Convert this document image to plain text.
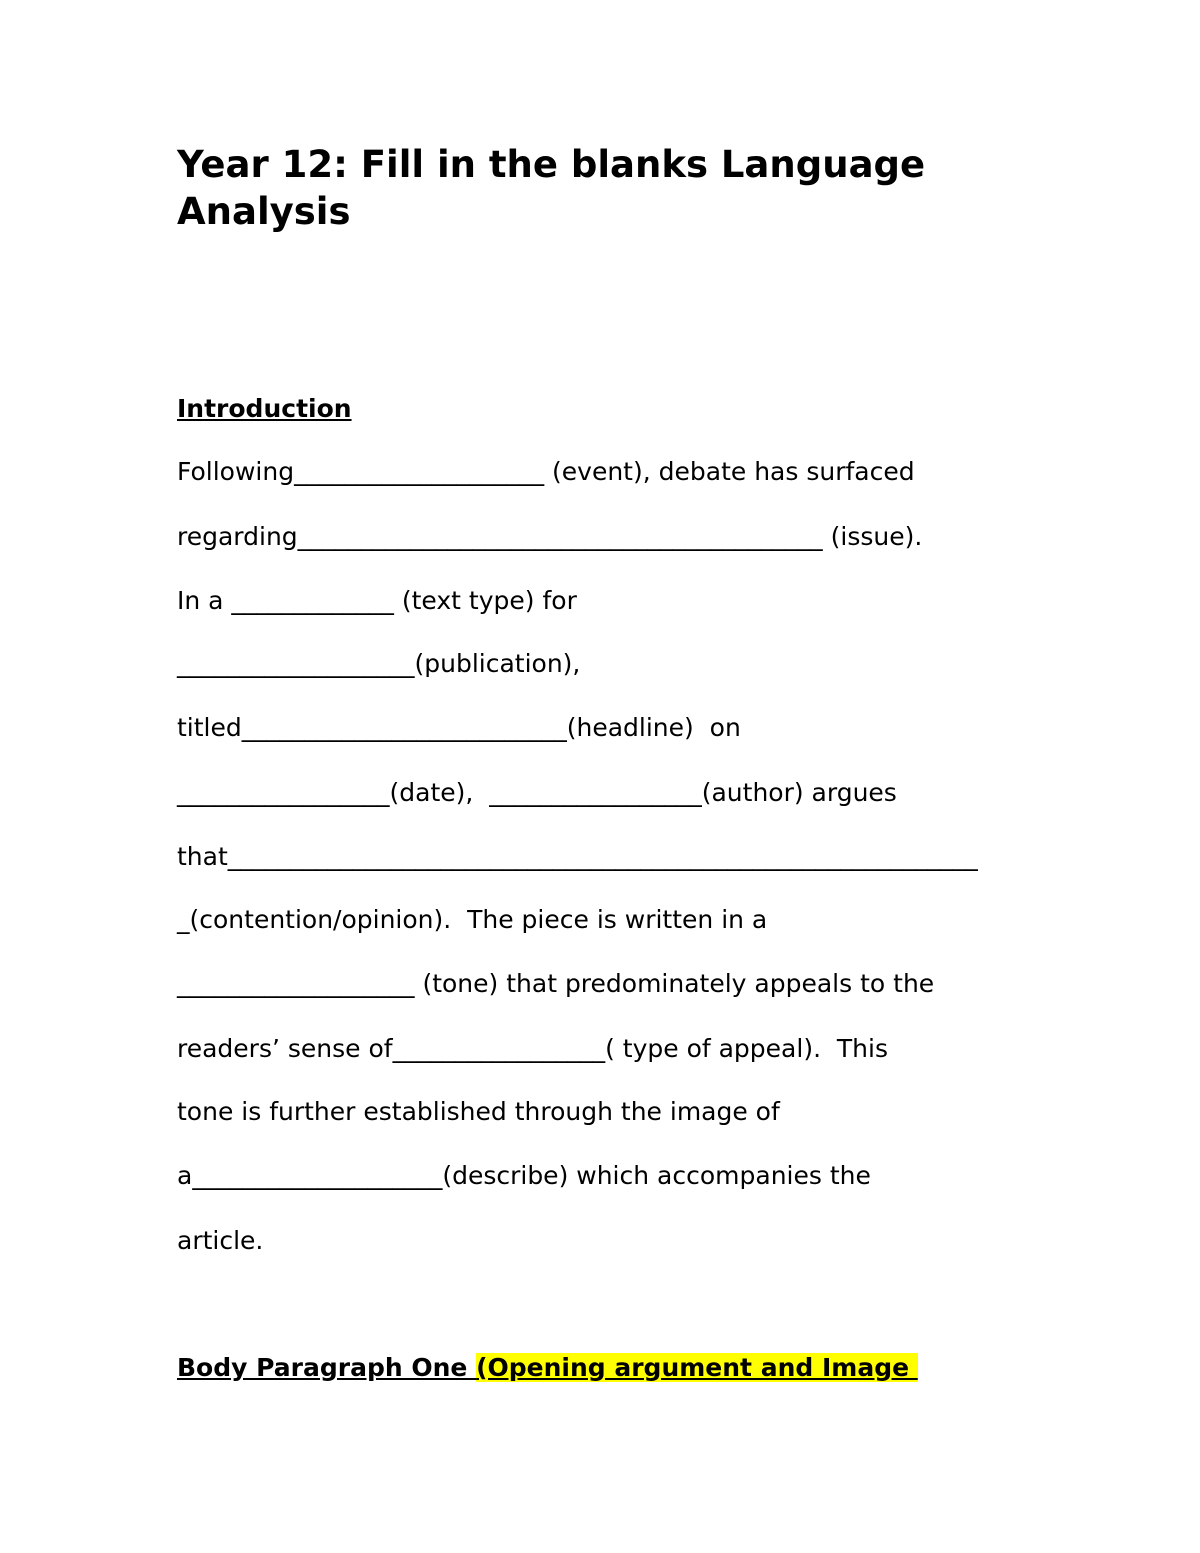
Year 12: Fill in the blanks Language Analysis

Introduction

Following____________________ (event), debate has surfaced

regarding__________________________________________ (issue).

In a _____________ (text type) for

___________________(publication),

titled__________________________(headline)  on

_________________(date),  _________________(author) argues

that____________________________________________________________

_(contention/opinion).  The piece is written in a

___________________ (tone) that predominately appeals to the

readers’ sense of_________________( type of appeal).  This

tone is further established through the image of

a____________________(describe) which accompanies the

article.

Body Paragraph One (Opening argument and Image
